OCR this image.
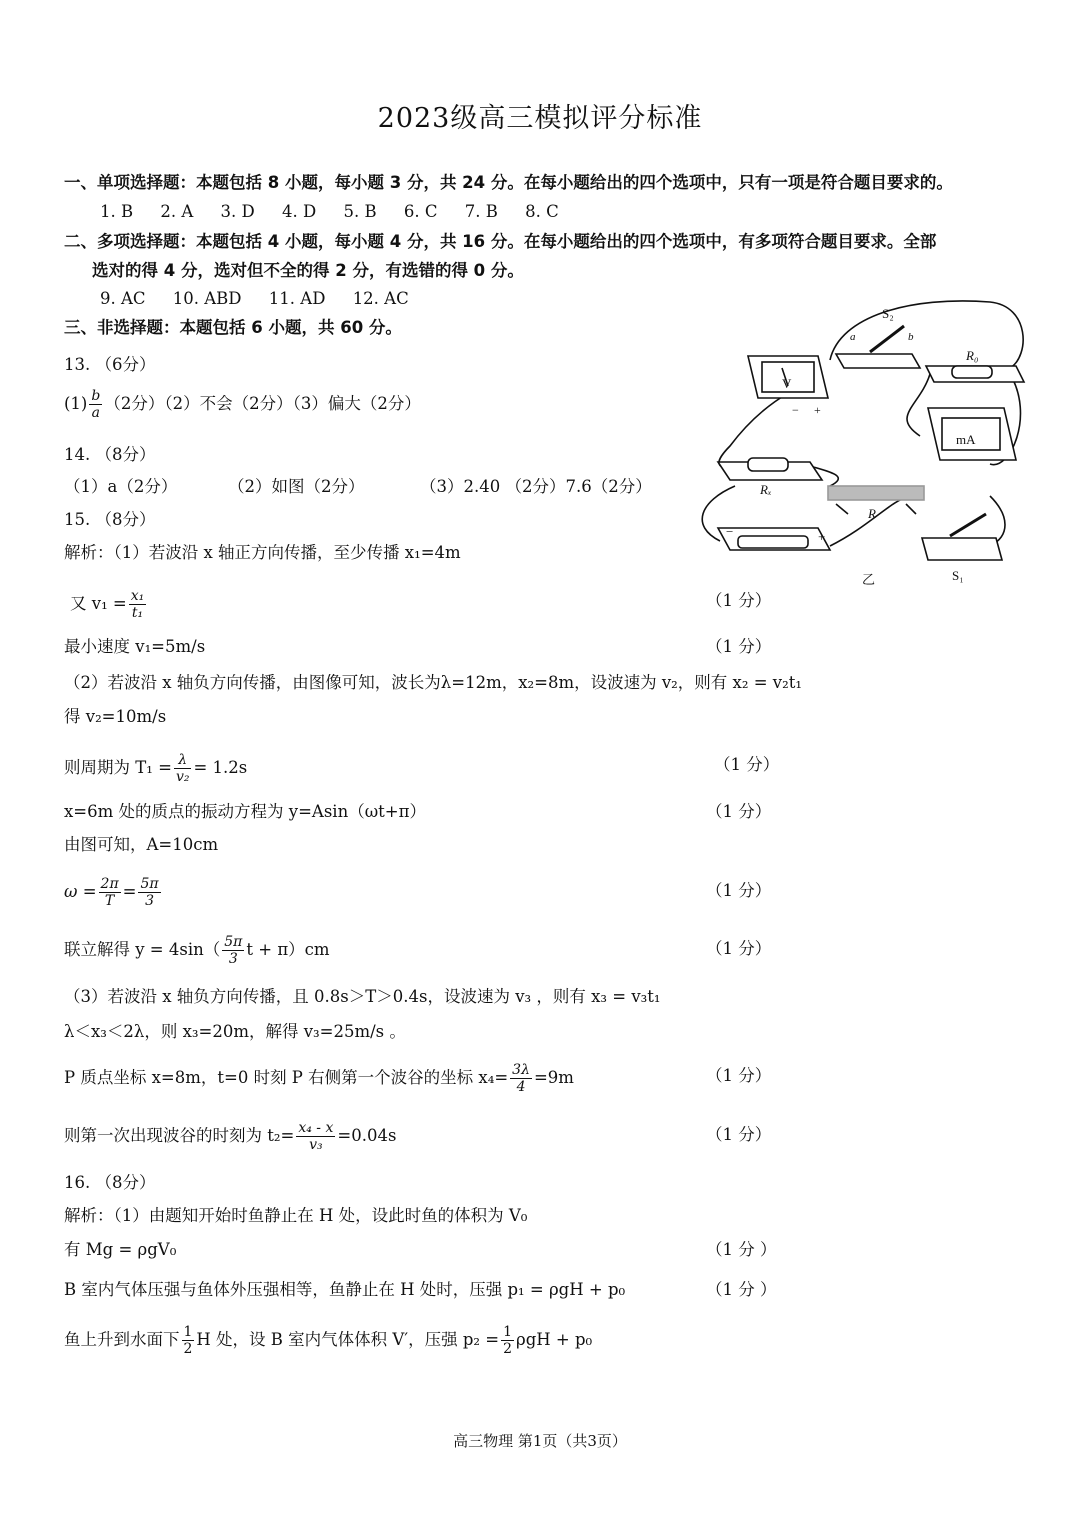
2023级高三模拟评分标准
一、单项选择题：本题包括 8 小题，每小题 3 分，共 24 分。在每小题给出的四个选项中，只有一项是符合题目要求的。
1. B 2. A 3. D 4. D 5. B 6. C 7. B 8. C
二、多项选择题：本题包括 4 小题，每小题 4 分，共 16 分。在每小题给出的四个选项中，有多项符合题目要求。全部
选对的得 4 分，选对但不全的得 2 分，有选错的得 0 分。
9. AC 10. ABD 11. AD 12. AC
三、非选择题：本题包括 6 小题，共 60 分。
13. （6分）
$(1) \frac{b}{a} (2$分）（2）不会（2分）（3）偏大（2分）
14. （8分）
（1）a（2分）	（2）如图（2分）	（3）2.40 （2分）7.6（2分）
15. （8分）
解析：（1）若波沿 x 轴正方向传播，至少传播 x₁=4m
又 $v_1 = \frac{\text{x₁}}{\text{t₁}}$	（1 分）
最小速度 v₁=5m/s	（1 分）
（2）若波沿 x 轴负方向传播，由图像可知，波长为λ=12m，x₂=8m，设波速为 v₂，则有 x₂ = v₂t₁
得 v₂=10m/s
则周期为 $T_1 = \frac{\lambda}{\text{v₂}} = 1.2s$	（1 分）
x=6m 处的质点的振动方程为 y=Asin（ωt+π）	（1 分）
由图可知，A=10cm
$\omega = \frac{2\pi}{T} = \frac{5\pi}{3}$	（1 分）
联立解得 $y = 4\sin( \frac{5\pi}{3}$ t + π）cm	（1 分）
（3）若波沿 x 轴负方向传播，且 0.8s＞T＞0.4s，设波速为 v₃ ，则有 x₃ = v₃t₁
λ＜x₃＜2λ，则 x₃=20m，解得 v₃=25m/s 。
P 质点坐标 x=8m，t=0 时刻 P 右侧第一个波谷的坐标 $x_4= \frac{3\lambda}{4} =9m$	（1 分）
则第一次出现波谷的时刻为 $t_2= \frac{\text{x₄ - x}}{\text{v₃}} =0.04s$	（1 分）
16. （8分）
解析：（1）由题知开始时鱼静止在 H 处，设此时鱼的体积为 V₀
有 Mg = ρgV₀	（1 分 ）
B 室内气体压强与鱼体外压强相等，鱼静止在 H 处时，压强 p₁ = ρgH + p₀	（1 分 ）
鱼上升到水面下 $\frac{1}{2}$ H 处，设 B 室内气体体积 V′，压强 $p_2 = \frac{1}{2}$ ρgH + p₀
V
+
−
S₂
a	b
R₀
mA
Rₓ
R
−	+
S₁
乙
高三物理 第1页（共3页）
